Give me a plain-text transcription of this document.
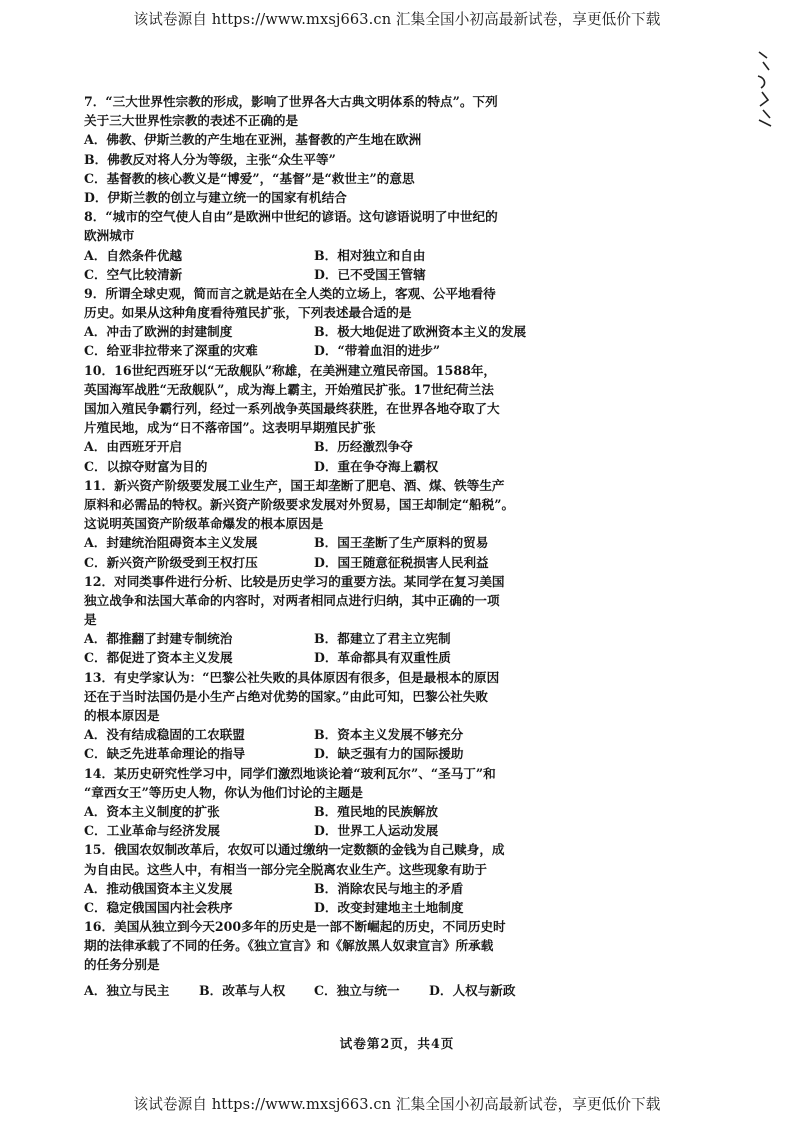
该试卷源自 https://www.mxsj663.cn 汇集全国小初高最新试卷，享更低价下载
7．“三大世界性宗教的形成，影响了世界各大古典文明体系的特点”。下列
关于三大世界性宗教的表述不正确的是
A．佛教、伊斯兰教的产生地在亚洲，基督教的产生地在欧洲
B．佛教反对将人分为等级，主张“众生平等”
C．基督教的核心教义是“博爱”，“基督”是“救世主”的意思
D．伊斯兰教的创立与建立统一的国家有机结合
8．“城市的空气使人自由”是欧洲中世纪的谚语。这句谚语说明了中世纪的
欧洲城市
A．自然条件优越	B．相对独立和自由
C．空气比较清新	D．已不受国王管辖
9．所谓全球史观，简而言之就是站在全人类的立场上，客观、公平地看待
历史。如果从这种角度看待殖民扩张，下列表述最合适的是
A．冲击了欧洲的封建制度	B．极大地促进了欧洲资本主义的发展
C．给亚非拉带来了深重的灾难	D．“带着血泪的进步”
10．16世纪西班牙以“无敌舰队”称雄，在美洲建立殖民帝国。1588年，
英国海军战胜“无敌舰队”，成为海上霸主，开始殖民扩张。17世纪荷兰法
国加入殖民争霸行列，经过一系列战争英国最终获胜，在世界各地夺取了大
片殖民地，成为“日不落帝国”。这表明早期殖民扩张
A．由西班牙开启	B．历经激烈争夺
C．以掠夺财富为目的	D．重在争夺海上霸权
11．新兴资产阶级要发展工业生产，国王却垄断了肥皂、酒、煤、铁等生产
原料和必需品的特权。新兴资产阶级要求发展对外贸易，国王却制定“船税”。
这说明英国资产阶级革命爆发的根本原因是
A．封建统治阻碍资本主义发展	B．国王垄断了生产原料的贸易
C．新兴资产阶级受到王权打压	D．国王随意征税损害人民利益
12．对同类事件进行分析、比较是历史学习的重要方法。某同学在复习美国
独立战争和法国大革命的内容时，对两者相同点进行归纳，其中正确的一项
是
A．都推翻了封建专制统治	B．都建立了君主立宪制
C．都促进了资本主义发展	D．革命都具有双重性质
13．有史学家认为：“巴黎公社失败的具体原因有很多，但是最根本的原因
还在于当时法国仍是小生产占绝对优势的国家。”由此可知，巴黎公社失败
的根本原因是
A．没有结成稳固的工农联盟	B．资本主义发展不够充分
C．缺乏先进革命理论的指导	D．缺乏强有力的国际援助
14．某历史研究性学习中，同学们激烈地谈论着“玻利瓦尔”、“圣马丁”和
“章西女王”等历史人物，你认为他们讨论的主题是
A．资本主义制度的扩张	B．殖民地的民族解放
C．工业革命与经济发展	D．世界工人运动发展
15．俄国农奴制改革后，农奴可以通过缴纳一定数额的金钱为自己赎身，成
为自由民。这些人中，有相当一部分完全脱离农业生产。这些现象有助于
A．推动俄国资本主义发展	B．消除农民与地主的矛盾
C．稳定俄国国内社会秩序	D．改变封建地主土地制度
16．美国从独立到今天200多年的历史是一部不断崛起的历史，不同历史时
期的法律承载了不同的任务。《独立宣言》和《解放黑人奴隶宣言》所承载
的任务分别是
A．独立与民主	B．改革与人权	C．独立与统一	D．人权与新政
试卷第2页，共4页
该试卷源自 https://www.mxsj663.cn 汇集全国小初高最新试卷，享更低价下载
